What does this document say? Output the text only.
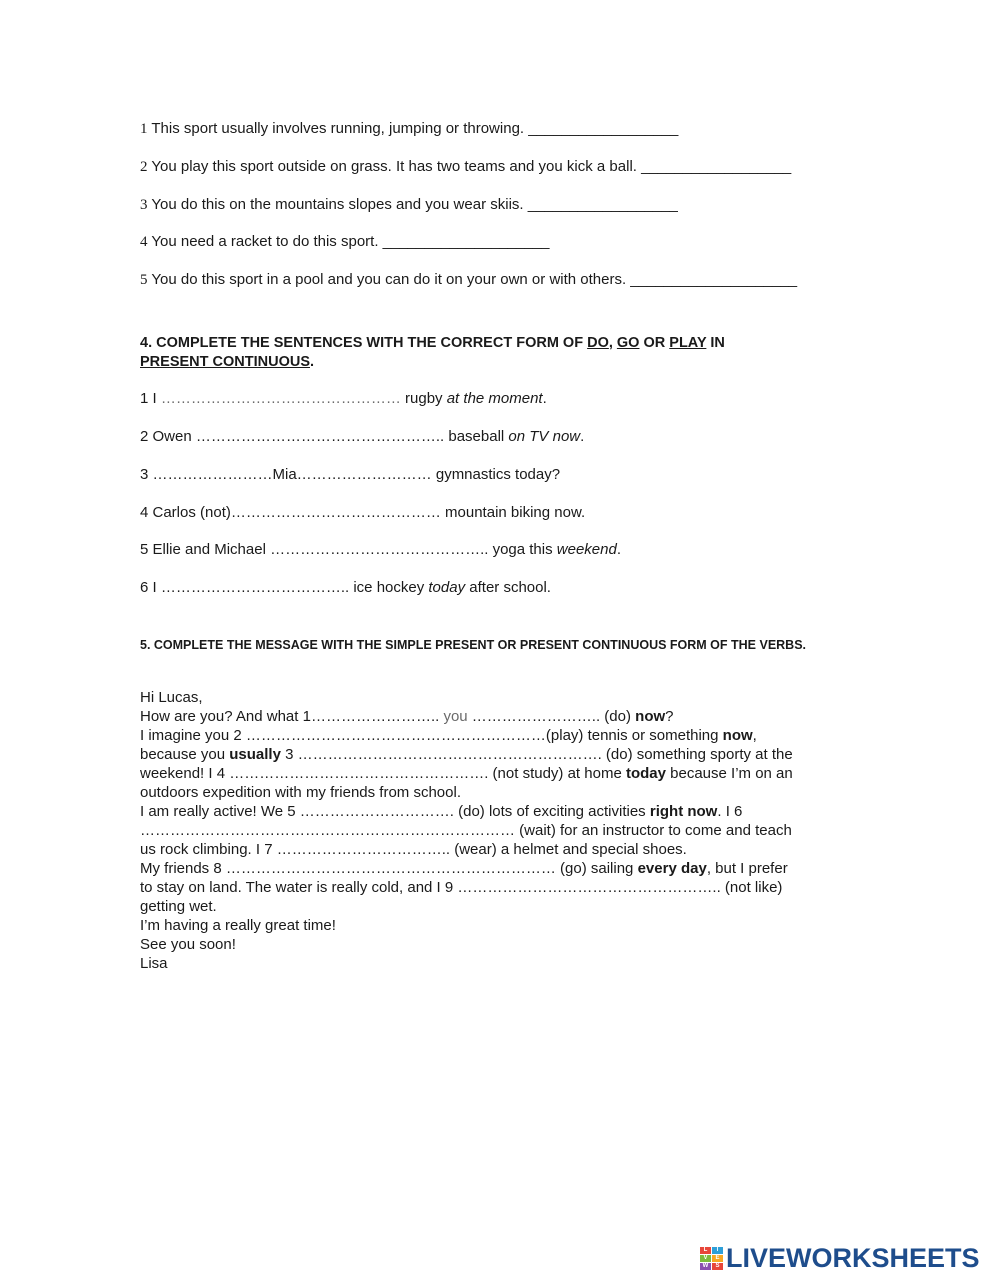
1 This sport usually involves running, jumping or throwing. __________________
2 You play this sport outside on grass. It has two teams and you kick a ball. __________________
3 You do this on the mountains slopes and you wear skiis. __________________
4 You need a racket to do this sport. ____________________
5 You do this sport in a pool and you can do it on your own or with others. ____________________
4. COMPLETE THE SENTENCES WITH THE CORRECT FORM OF DO, GO OR PLAY IN
PRESENT CONTINUOUS.
1 I ………………………………………… rugby at the moment.
2 Owen ………………………………………….. baseball on TV now.
3 ……………………Mia……………………… gymnastics today?
4 Carlos (not)…………………………………… mountain biking now.
5 Ellie and Michael …………………………………….. yoga this weekend.
6 I ……………………………….. ice hockey today after school.
5. COMPLETE THE MESSAGE WITH THE SIMPLE PRESENT OR PRESENT CONTINUOUS FORM OF THE VERBS.
Hi Lucas,
How are you? And what 1…………………….. you …………………….. (do) now?
I imagine you 2 ……………………………………………………(play) tennis or something now,
because you usually 3 ……………………………………………………. (do) something sporty at the
weekend! I 4 ……………………………………………. (not study) at home today because I’m on an
outdoors expedition with my friends from school.
I am really active! We 5 …………………………. (do) lots of exciting activities right now. I 6
………………………………………………………………… (wait) for an instructor to come and teach
us rock climbing. I 7 …………………………….. (wear) a helmet and special shoes.
My friends 8 ………………………………………………………… (go) sailing every day, but I prefer
to stay on land. The water is really cold, and I 9 …………………………………………….. (not like)
getting wet.
I’m having a really great time!
See you soon!
Lisa
L	I
V	E
W	S LIVEWORKSHEETS
